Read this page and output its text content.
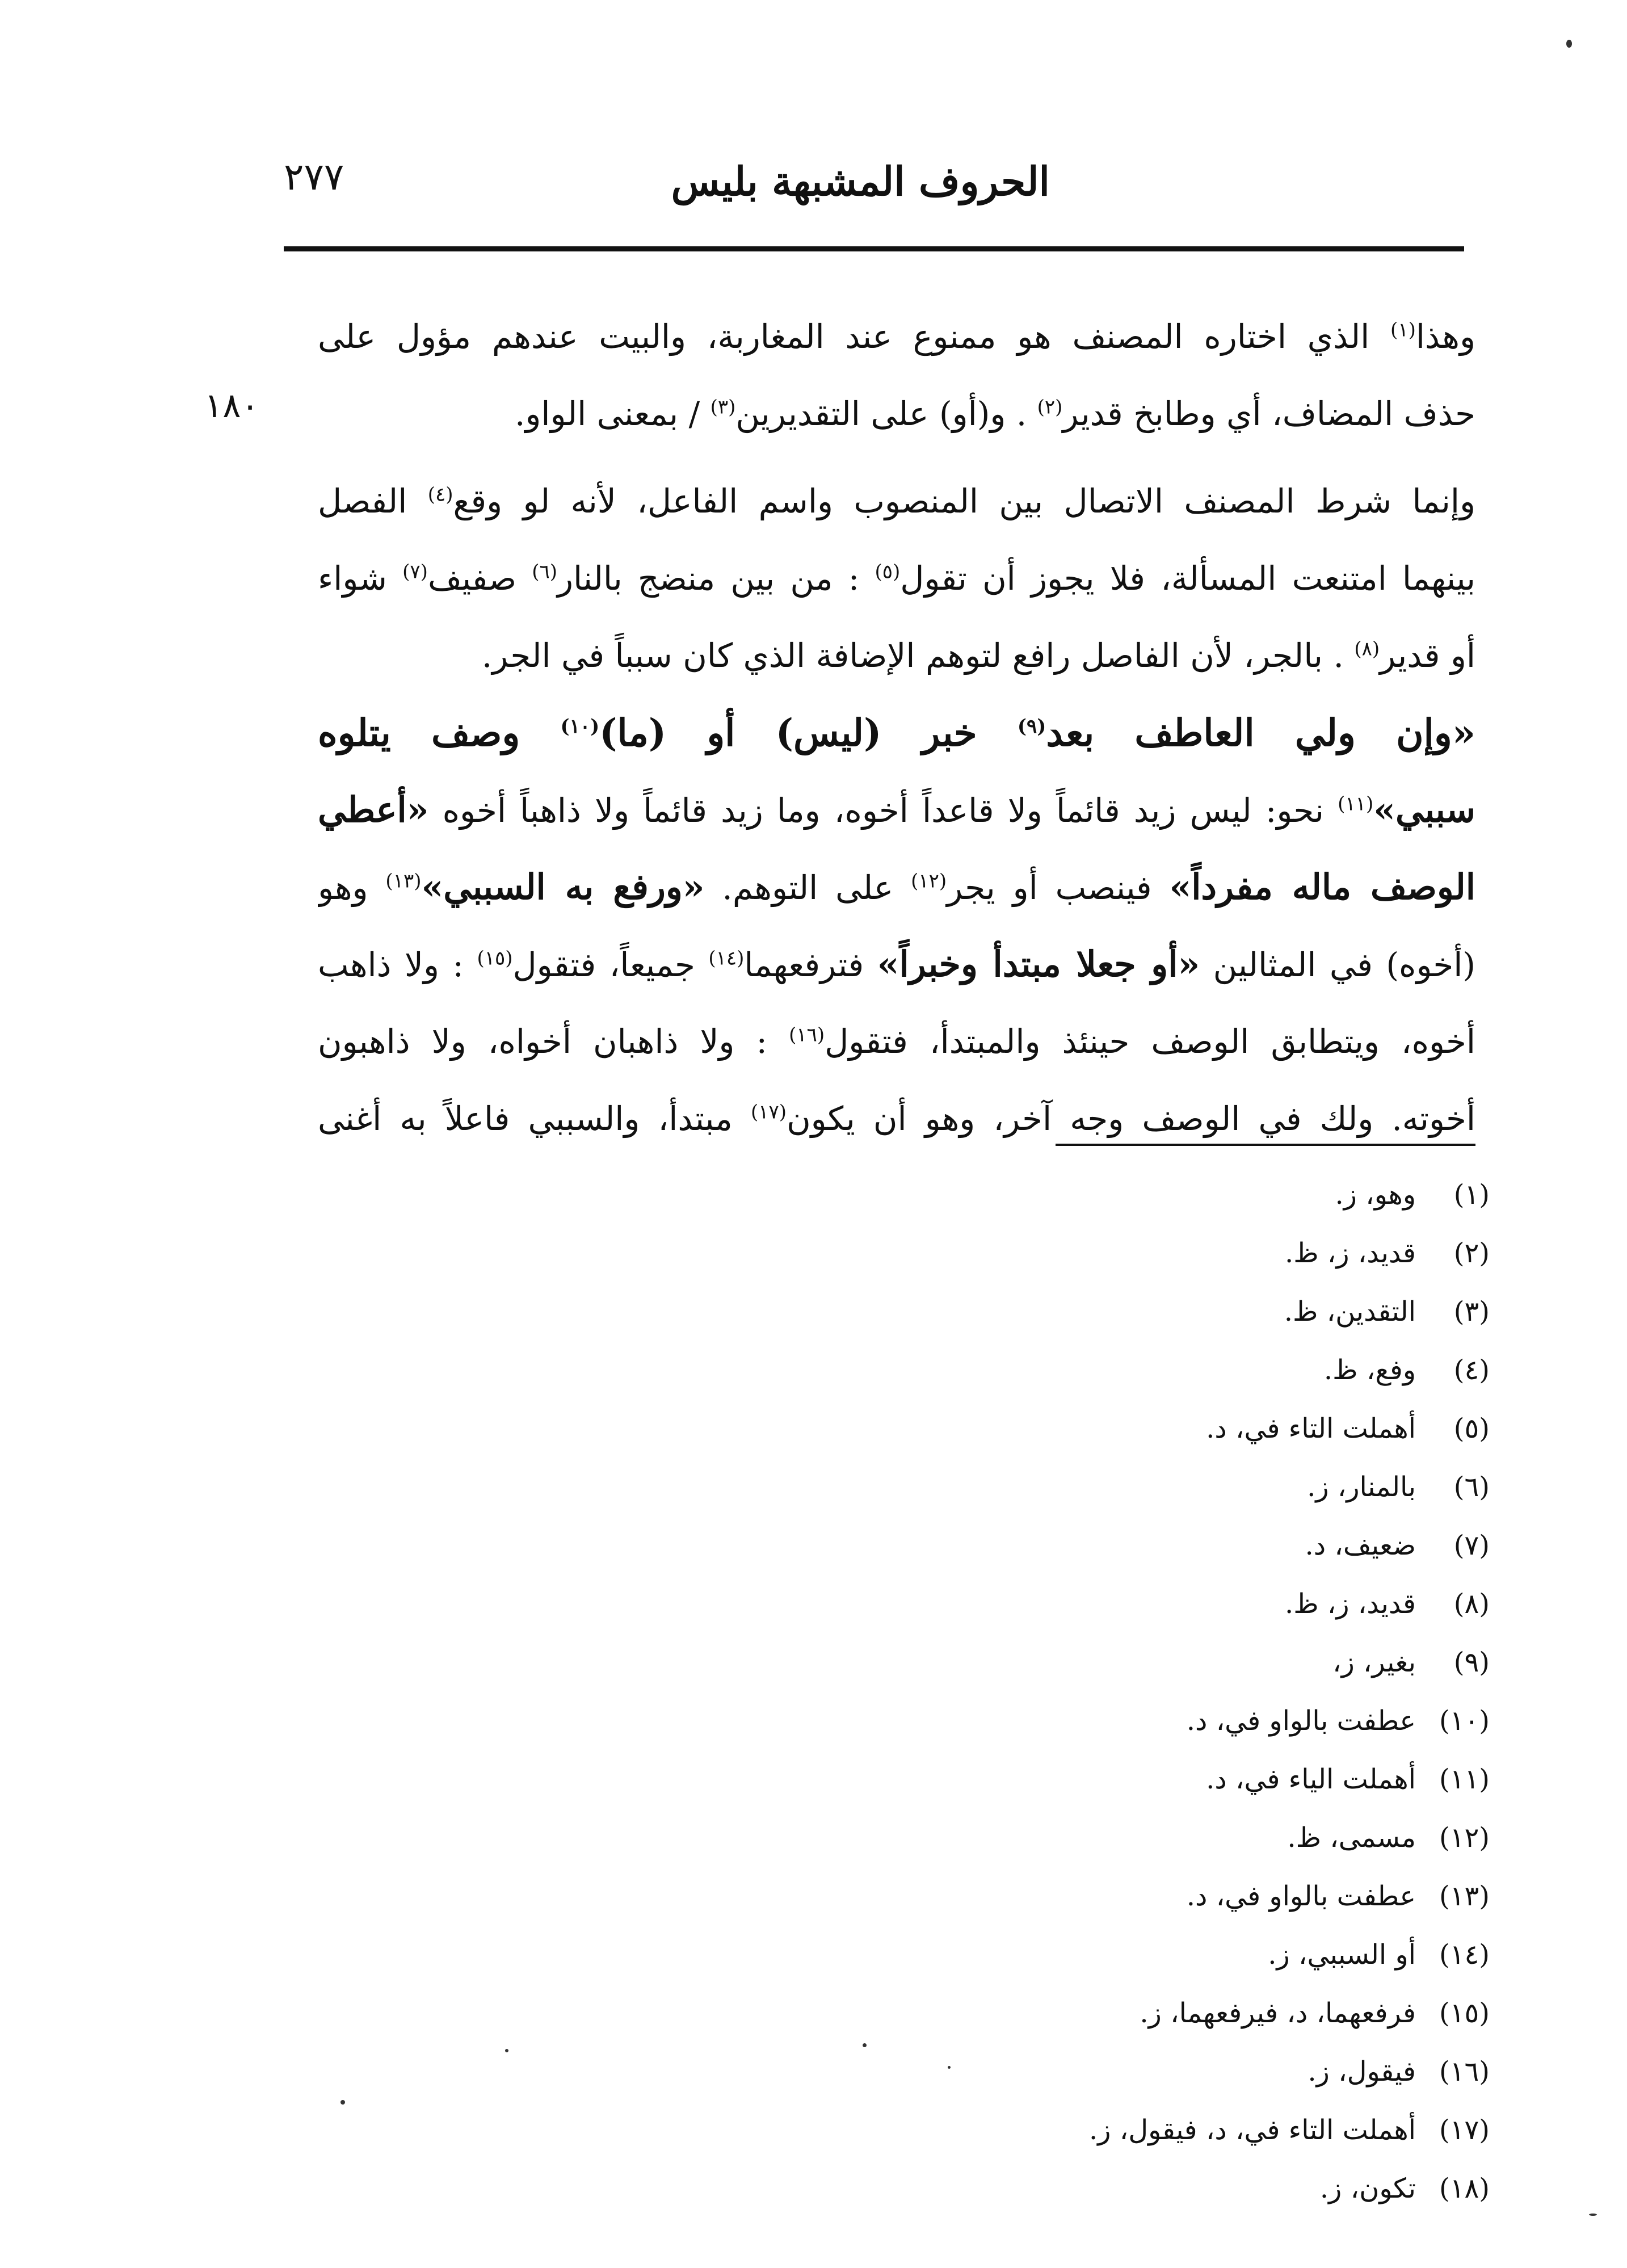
الحروف المشبهة بليس
٢٧٧
١٨٠
وهذا$^{(١)}$ الذي اختاره المصنف هو ممنوع عند المغاربة، والبيت عندهم مؤول على
حذف المضاف، أي وطابخ قدير$^{(٢)}$ . و(أو) على التقديرين$^{(٣)}$ / بمعنى الواو.
وإنما شرط المصنف الاتصال بين المنصوب واسم الفاعل، لأنه لو وقع$^{(٤)}$ الفصل
بينهما امتنعت المسألة، فلا يجوز أن تقول$^{(٥)}$ : من بين منضج بالنار$^{(٦)}$ صفيف$^{(٧)}$ شواء
أو قدير$^{(٨)}$ . بالجر، لأن الفاصل رافع لتوهم الإضافة الذي كان سبباً في الجر.
«وإن ولي العاطف بعد$^{(٩)}$ خبر (ليس) أو (ما)$^{(١٠)}$ وصف يتلوه
سببي»$^{(١١)}$ نحو: ليس زيد قائماً ولا قاعداً أخوه، وما زيد قائماً ولا ذاهباً أخوه «أعطي
الوصف ماله مفرداً» فينصب أو يجر$^{(١٢)}$ على التوهم. «ورفع به السببي»$^{(١٣)}$ وهو
(أخوه) في المثالين «أو جعلا مبتدأ وخبراً» فترفعهما$^{(١٤)}$ جميعاً، فتقول$^{(١٥)}$ : ولا ذاهب
أخوه، ويتطابق الوصف حينئذ والمبتدأ، فتقول$^{(١٦)}$ : ولا ذاهبان أخواه، ولا ذاهبون
أخوته. ولك في الوصف وجه آخر، وهو أن يكون$^{(١٧)}$ مبتدأ، والسببي فاعلاً به أغنى
(١)وهو، ز.
(٢)قديد، ز، ظ.
(٣)التقدين، ظ.
(٤)وفع، ظ.
(٥)أهملت التاء في، د.
(٦)بالمنار، ز.
(٧)ضعيف، د.
(٨)قديد، ز، ظ.
(٩)بغير، ز،
(١٠)عطفت بالواو في، د.
(١١)أهملت الياء في، د.
(١٢)مسمى، ظ.
(١٣)عطفت بالواو في، د.
(١٤)أو السببي، ز.
(١٥)فرفعهما، د، فيرفعهما، ز.
(١٦)فيقول، ز.
(١٧)أهملت التاء في، د، فيقول، ز.
(١٨)تكون، ز.
